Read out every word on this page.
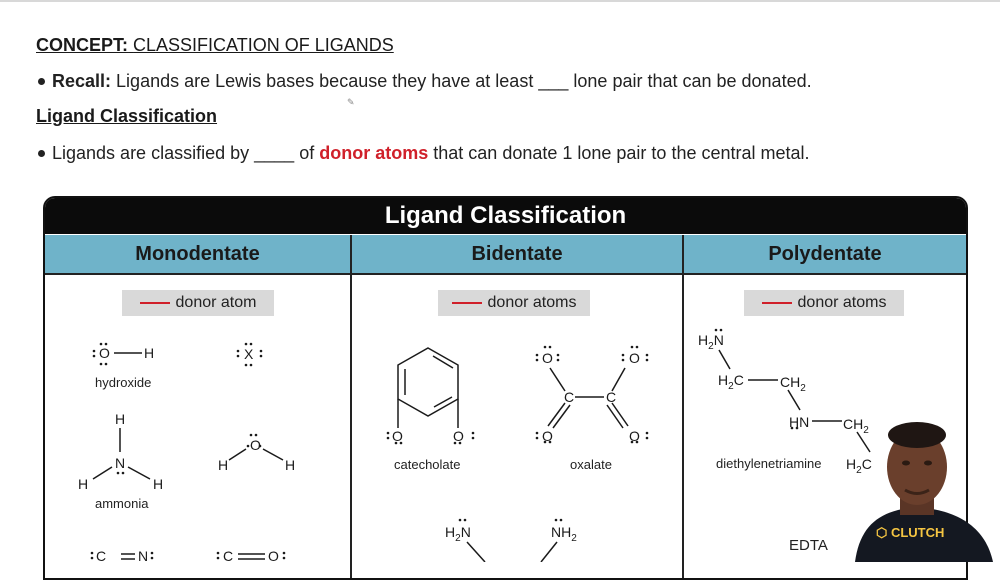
CONCEPT: CLASSIFICATION OF LIGANDS
Recall: Ligands are Lewis bases because they have at least ___ lone pair that can be donated.
✎
Ligand Classification
Ligands are classified by ____ of donor atoms that can donate 1 lone pair to the central metal.
Ligand Classification
Monodentate	Bidentate	Polydentate
donor atom	donor atoms	donor atoms
O H
hydroxide
X
H
N
H	H
ammonia
O
H	H
C N	C O
O	O
catecholate
O	O
C C
O	O
oxalate
$H_2N$	$NH_2$
$H_2N$
$H_2C$	$CH_2$
HN $CH_2$
diethylenetriamine $H_2C$
EDTA
⬡ CLUTCH
